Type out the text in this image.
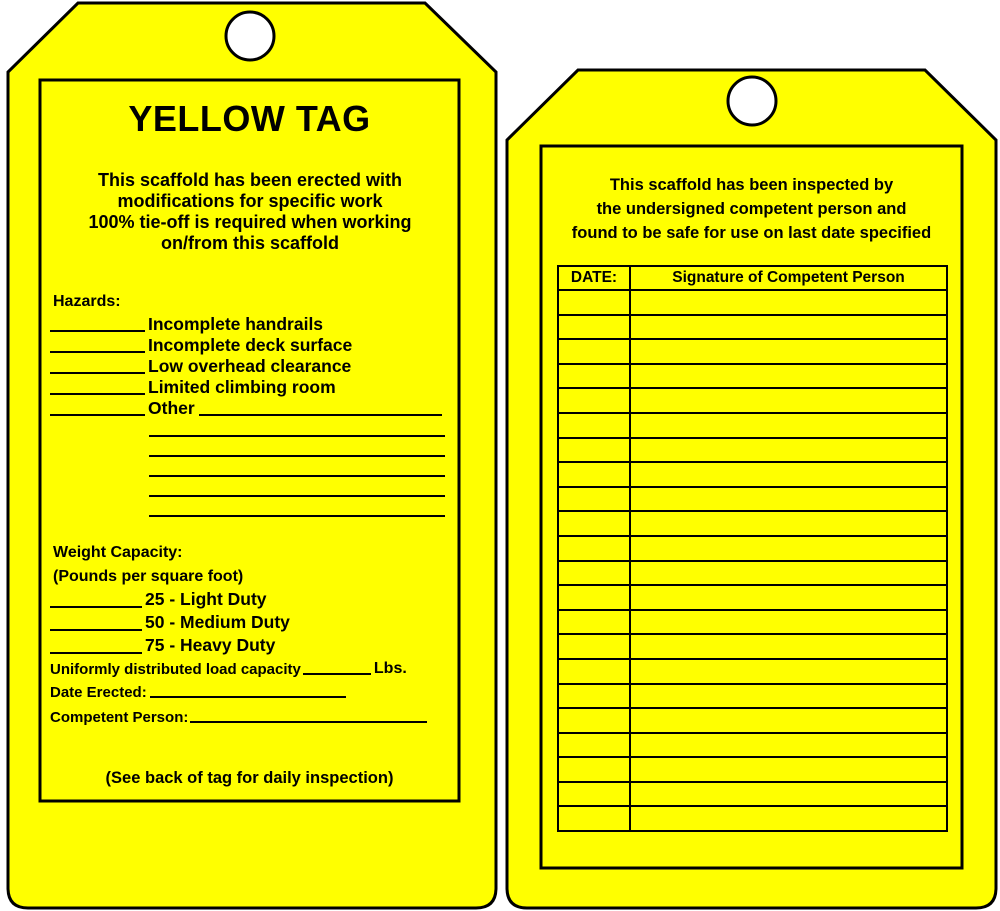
YELLOW TAG
This scaffold has been erected with
modifications for specific work
100% tie-off is required when working
on/from this scaffold
Hazards:
Incomplete handrails
Incomplete deck surface
Low overhead clearance
Limited climbing room
Other
Weight Capacity:
(Pounds per square foot)
25 - Light Duty
50 - Medium Duty
75 - Heavy Duty
Uniformly distributed load capacity	Lbs.
Date Erected:
Competent Person:
(See back of tag for daily inspection)
This scaffold has been inspected by
the undersigned competent person and
found to be safe for use on last date specified
DATE:	Signature of Competent Person
